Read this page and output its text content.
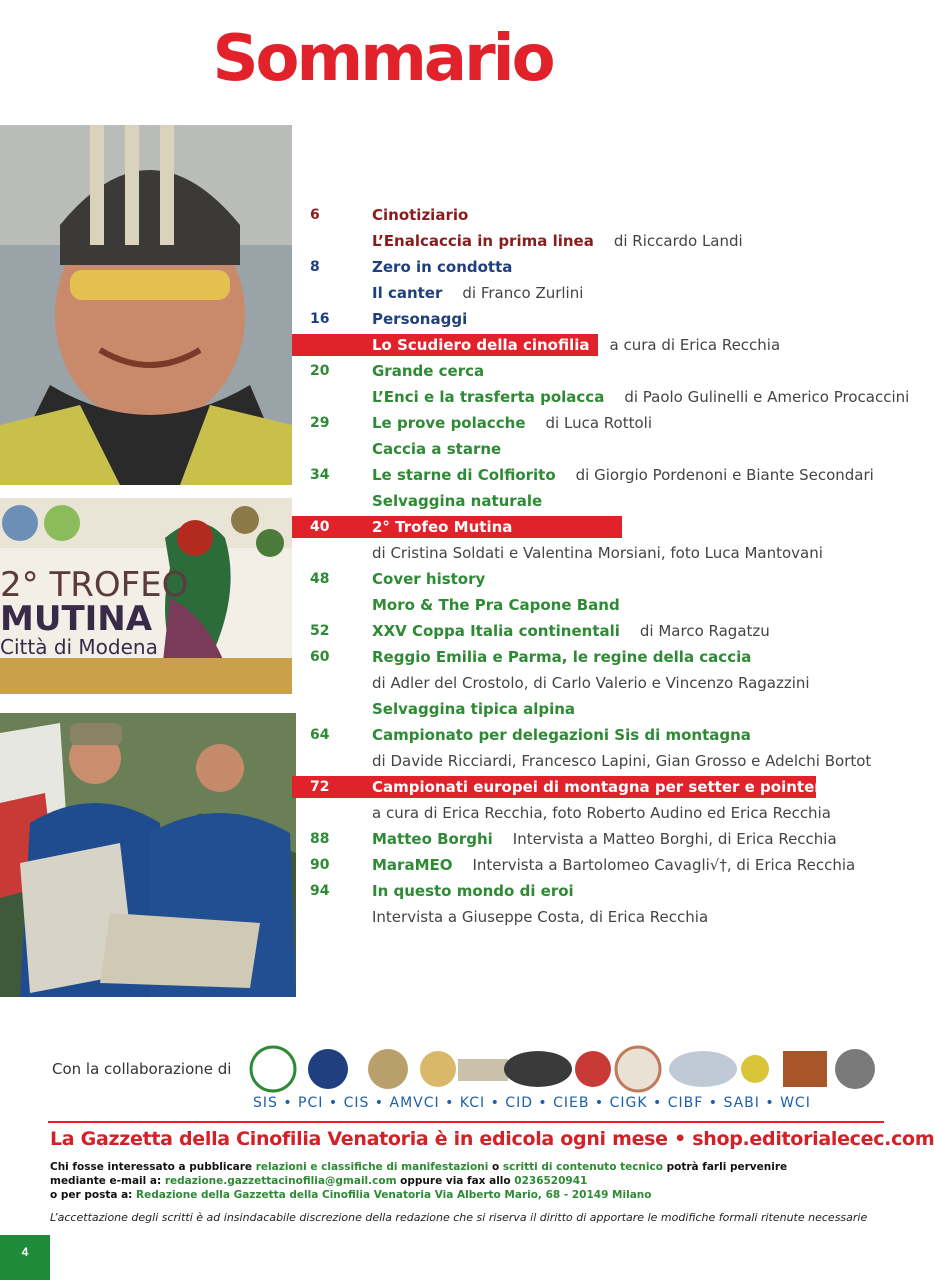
Sommario
2° TROFEO
MUTINA
Città di Modena
6	Cinotiziario
L’Enalcaccia in prima linea di Riccardo Landi
8	Zero in condotta
Il canter di Franco Zurlini
16	Personaggi
Lo Scudiero della cinofilia a cura di Erica Recchia
20	Grande cerca
L’Enci e la trasferta polacca di Paolo Gulinelli e Americo Procaccini
29	Le prove polacche di Luca Rottoli
Caccia a starne
34	Le starne di Colfiorito di Giorgio Pordenoni e Biante Secondari
Selvaggina naturale
40	2° Trofeo Mutina
di Cristina Soldati e Valentina Morsiani, foto Luca Mantovani
48	Cover history
Moro & The Pra Capone Band
52	XXV Coppa Italia continentali di Marco Ragatzu
60	Reggio Emilia e Parma, le regine della caccia
di Adler del Crostolo, di Carlo Valerio e Vincenzo Ragazzini
Selvaggina tipica alpina
64	Campionato per delegazioni Sis di montagna
di Davide Ricciardi, Francesco Lapini, Gian Grosso e Adelchi Bortot
72	Campionati europei di montagna per setter e pointer
a cura di Erica Recchia, foto Roberto Audino ed Erica Recchia
88	Matteo Borghi Intervista a Matteo Borghi, di Erica Recchia
90	MaraMEO Intervista a Bartolomeo Cavagli√†, di Erica Recchia
94	In questo mondo di eroi
Intervista a Giuseppe Costa, di Erica Recchia
Con la collaborazione di
SIS • PCI • CIS • AMVCI • KCI • CID • CIEB • CIGK • CIBF • SABI • WCI
La Gazzetta della Cinofilia Venatoria è in edicola ogni mese • shop.editorialecec.com
Chi fosse interessato a pubblicare relazioni e classifiche di manifestazioni o scritti di contenuto tecnico potrà farli pervenire
mediante e-mail a: redazione.gazzettacinofilia@gmail.com oppure via fax allo 0236520941
o per posta a: Redazione della Gazzetta della Cinofilia Venatoria Via Alberto Mario, 68 - 20149 Milano
L’accettazione degli scritti è ad insindacabile discrezione della redazione che si riserva il diritto di apportare le modifiche formali ritenute necessarie
4
